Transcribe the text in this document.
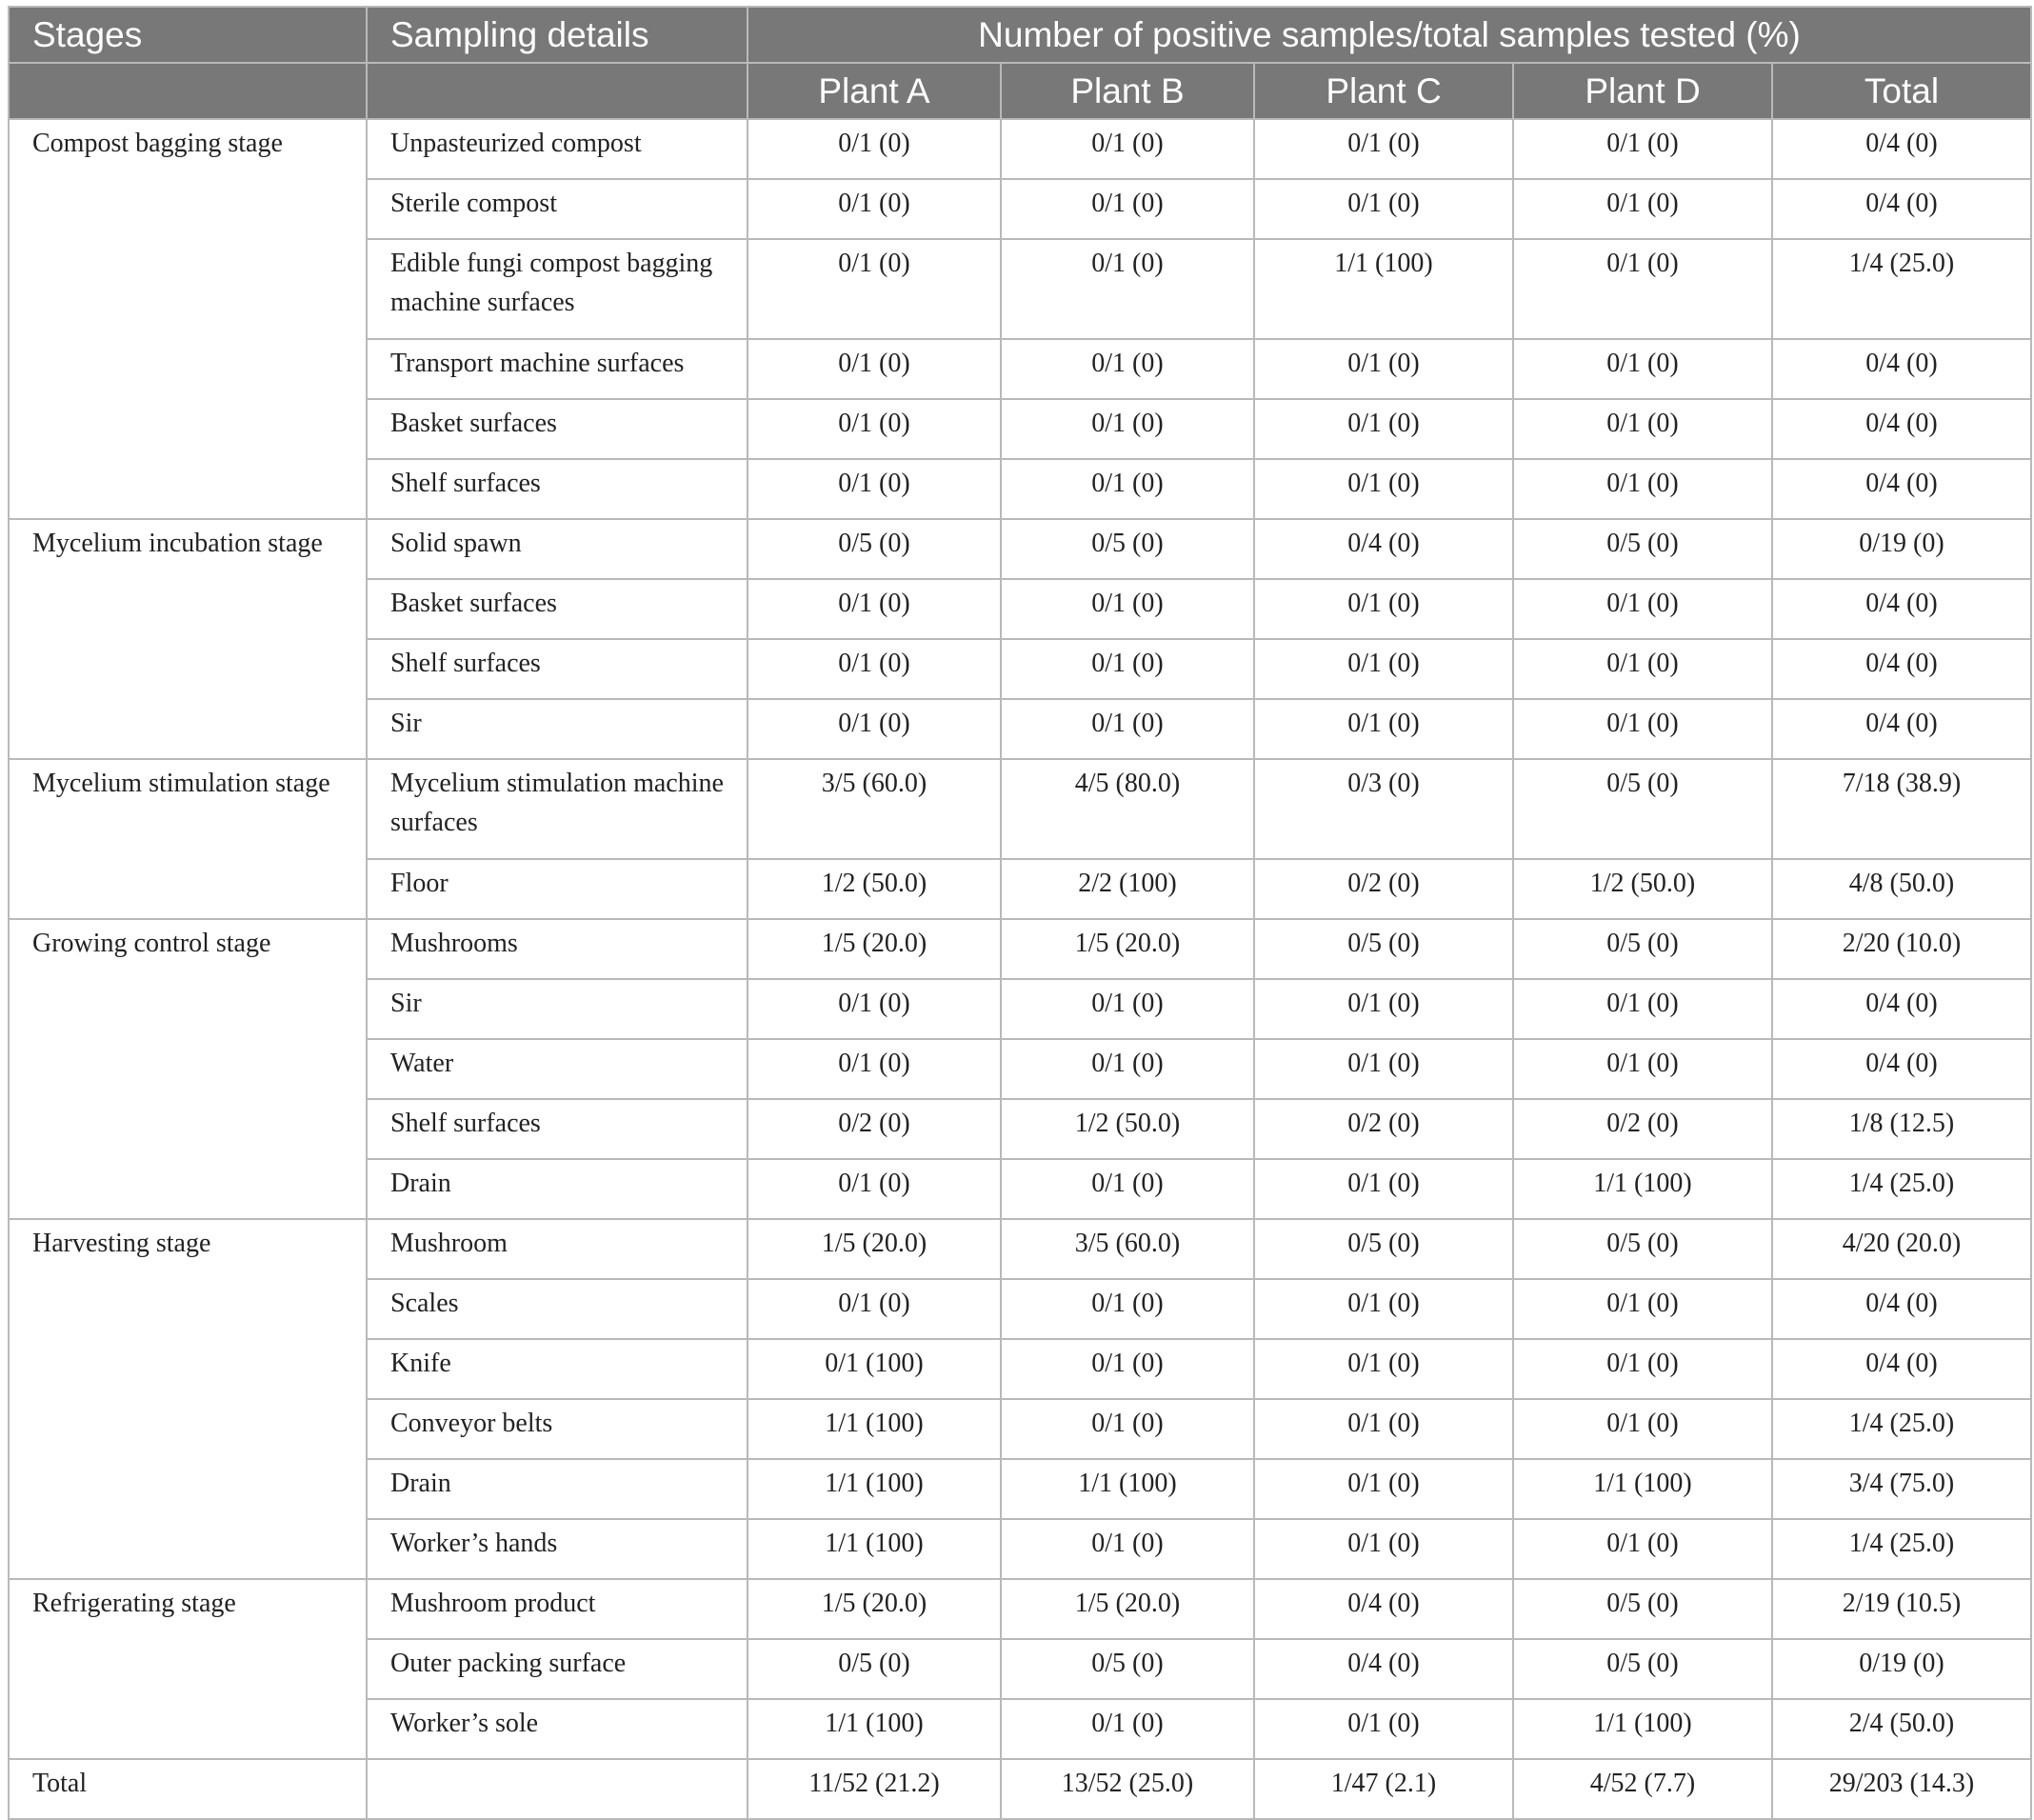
Stages	Sampling details	Number of positive samples/total samples tested (%)				
		Plant A	Plant B	Plant C	Plant D	Total
Compost bagging stage	Unpasteurized compost	0/1 (0)	0/1 (0)	0/1 (0)	0/1 (0)	0/4 (0)
	Sterile compost	0/1 (0)	0/1 (0)	0/1 (0)	0/1 (0)	0/4 (0)
	Edible fungi compost bagging machine surfaces	0/1 (0)	0/1 (0)	1/1 (100)	0/1 (0)	1/4 (25.0)
	Transport machine surfaces	0/1 (0)	0/1 (0)	0/1 (0)	0/1 (0)	0/4 (0)
	Basket surfaces	0/1 (0)	0/1 (0)	0/1 (0)	0/1 (0)	0/4 (0)
	Shelf surfaces	0/1 (0)	0/1 (0)	0/1 (0)	0/1 (0)	0/4 (0)
Mycelium incubation stage	Solid spawn	0/5 (0)	0/5 (0)	0/4 (0)	0/5 (0)	0/19 (0)
	Basket surfaces	0/1 (0)	0/1 (0)	0/1 (0)	0/1 (0)	0/4 (0)
	Shelf surfaces	0/1 (0)	0/1 (0)	0/1 (0)	0/1 (0)	0/4 (0)
	Sir	0/1 (0)	0/1 (0)	0/1 (0)	0/1 (0)	0/4 (0)
Mycelium stimulation stage	Mycelium stimulation machine surfaces	3/5 (60.0)	4/5 (80.0)	0/3 (0)	0/5 (0)	7/18 (38.9)
	Floor	1/2 (50.0)	2/2 (100)	0/2 (0)	1/2 (50.0)	4/8 (50.0)
Growing control stage	Mushrooms	1/5 (20.0)	1/5 (20.0)	0/5 (0)	0/5 (0)	2/20 (10.0)
	Sir	0/1 (0)	0/1 (0)	0/1 (0)	0/1 (0)	0/4 (0)
	Water	0/1 (0)	0/1 (0)	0/1 (0)	0/1 (0)	0/4 (0)
	Shelf surfaces	0/2 (0)	1/2 (50.0)	0/2 (0)	0/2 (0)	1/8 (12.5)
	Drain	0/1 (0)	0/1 (0)	0/1 (0)	1/1 (100)	1/4 (25.0)
Harvesting stage	Mushroom	1/5 (20.0)	3/5 (60.0)	0/5 (0)	0/5 (0)	4/20 (20.0)
	Scales	0/1 (0)	0/1 (0)	0/1 (0)	0/1 (0)	0/4 (0)
	Knife	0/1 (100)	0/1 (0)	0/1 (0)	0/1 (0)	0/4 (0)
	Conveyor belts	1/1 (100)	0/1 (0)	0/1 (0)	0/1 (0)	1/4 (25.0)
	Drain	1/1 (100)	1/1 (100)	0/1 (0)	1/1 (100)	3/4 (75.0)
	Worker’s hands	1/1 (100)	0/1 (0)	0/1 (0)	0/1 (0)	1/4 (25.0)
Refrigerating stage	Mushroom product	1/5 (20.0)	1/5 (20.0)	0/4 (0)	0/5 (0)	2/19 (10.5)
	Outer packing surface	0/5 (0)	0/5 (0)	0/4 (0)	0/5 (0)	0/19 (0)
	Worker’s sole	1/1 (100)	0/1 (0)	0/1 (0)	1/1 (100)	2/4 (50.0)
Total		11/52 (21.2)	13/52 (25.0)	1/47 (2.1)	4/52 (7.7)	29/203 (14.3)
